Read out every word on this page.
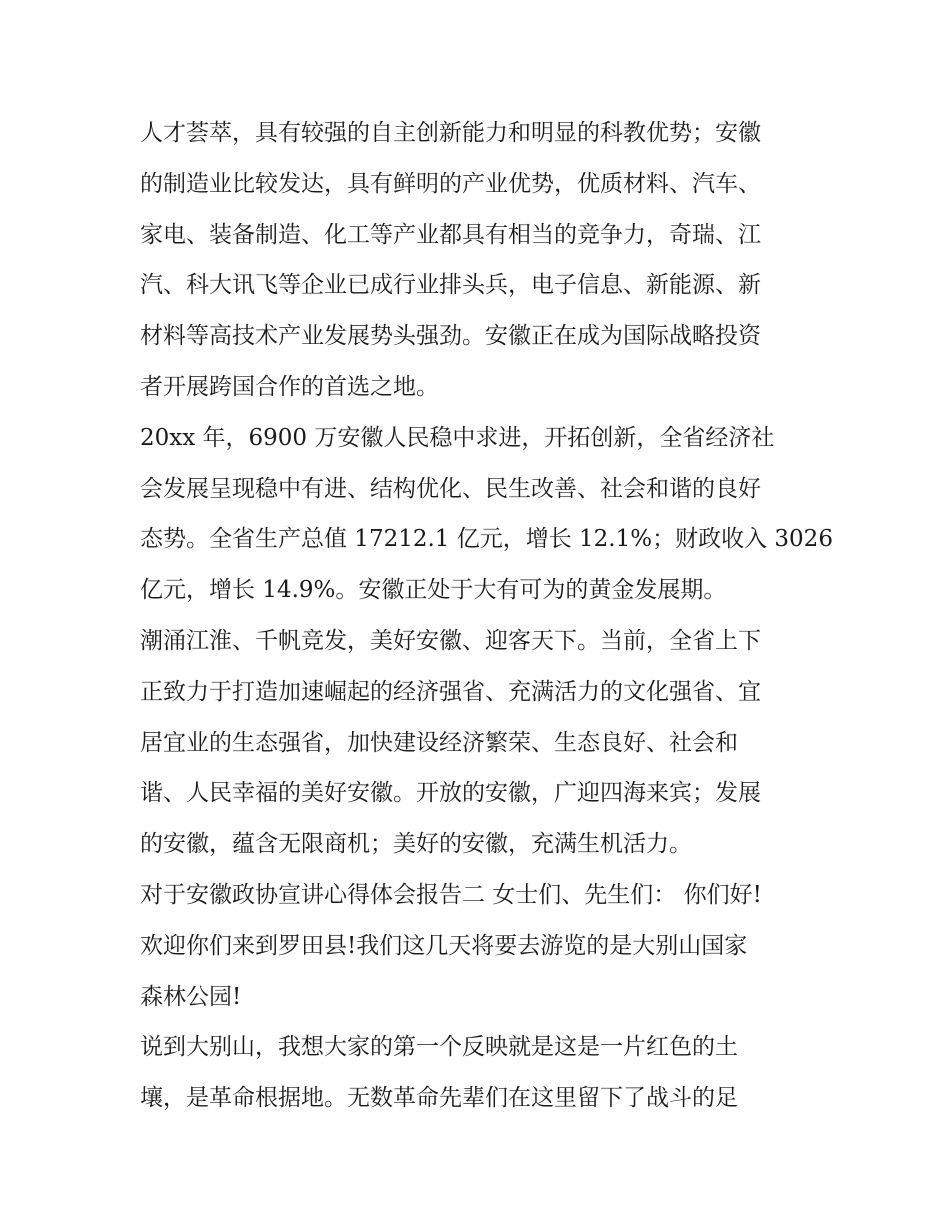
人才荟萃，具有较强的自主创新能力和明显的科教优势；安徽
的制造业比较发达，具有鲜明的产业优势，优质材料、汽车、
家电、装备制造、化工等产业都具有相当的竞争力，奇瑞、江
汽、科大讯飞等企业已成行业排头兵，电子信息、新能源、新
材料等高技术产业发展势头强劲。安徽正在成为国际战略投资
者开展跨国合作的首选之地。
20xx 年，6900 万安徽人民稳中求进，开拓创新，全省经济社
会发展呈现稳中有进、结构优化、民生改善、社会和谐的良好
态势。全省生产总值 17212.1 亿元，增长 12.1%；财政收入 3026
亿元，增长 14.9%。安徽正处于大有可为的黄金发展期。
潮涌江淮、千帆竞发，美好安徽、迎客天下。当前，全省上下
正致力于打造加速崛起的经济强省、充满活力的文化强省、宜
居宜业的生态强省，加快建设经济繁荣、生态良好、社会和
谐、人民幸福的美好安徽。开放的安徽，广迎四海来宾；发展
的安徽，蕴含无限商机；美好的安徽，充满生机活力。
对于安徽政协宣讲心得体会报告二 女士们、先生们： 你们好!
欢迎你们来到罗田县!我们这几天将要去游览的是大别山国家
森林公园!
说到大别山，我想大家的第一个反映就是这是一片红色的土
壤，是革命根据地。无数革命先辈们在这里留下了战斗的足
